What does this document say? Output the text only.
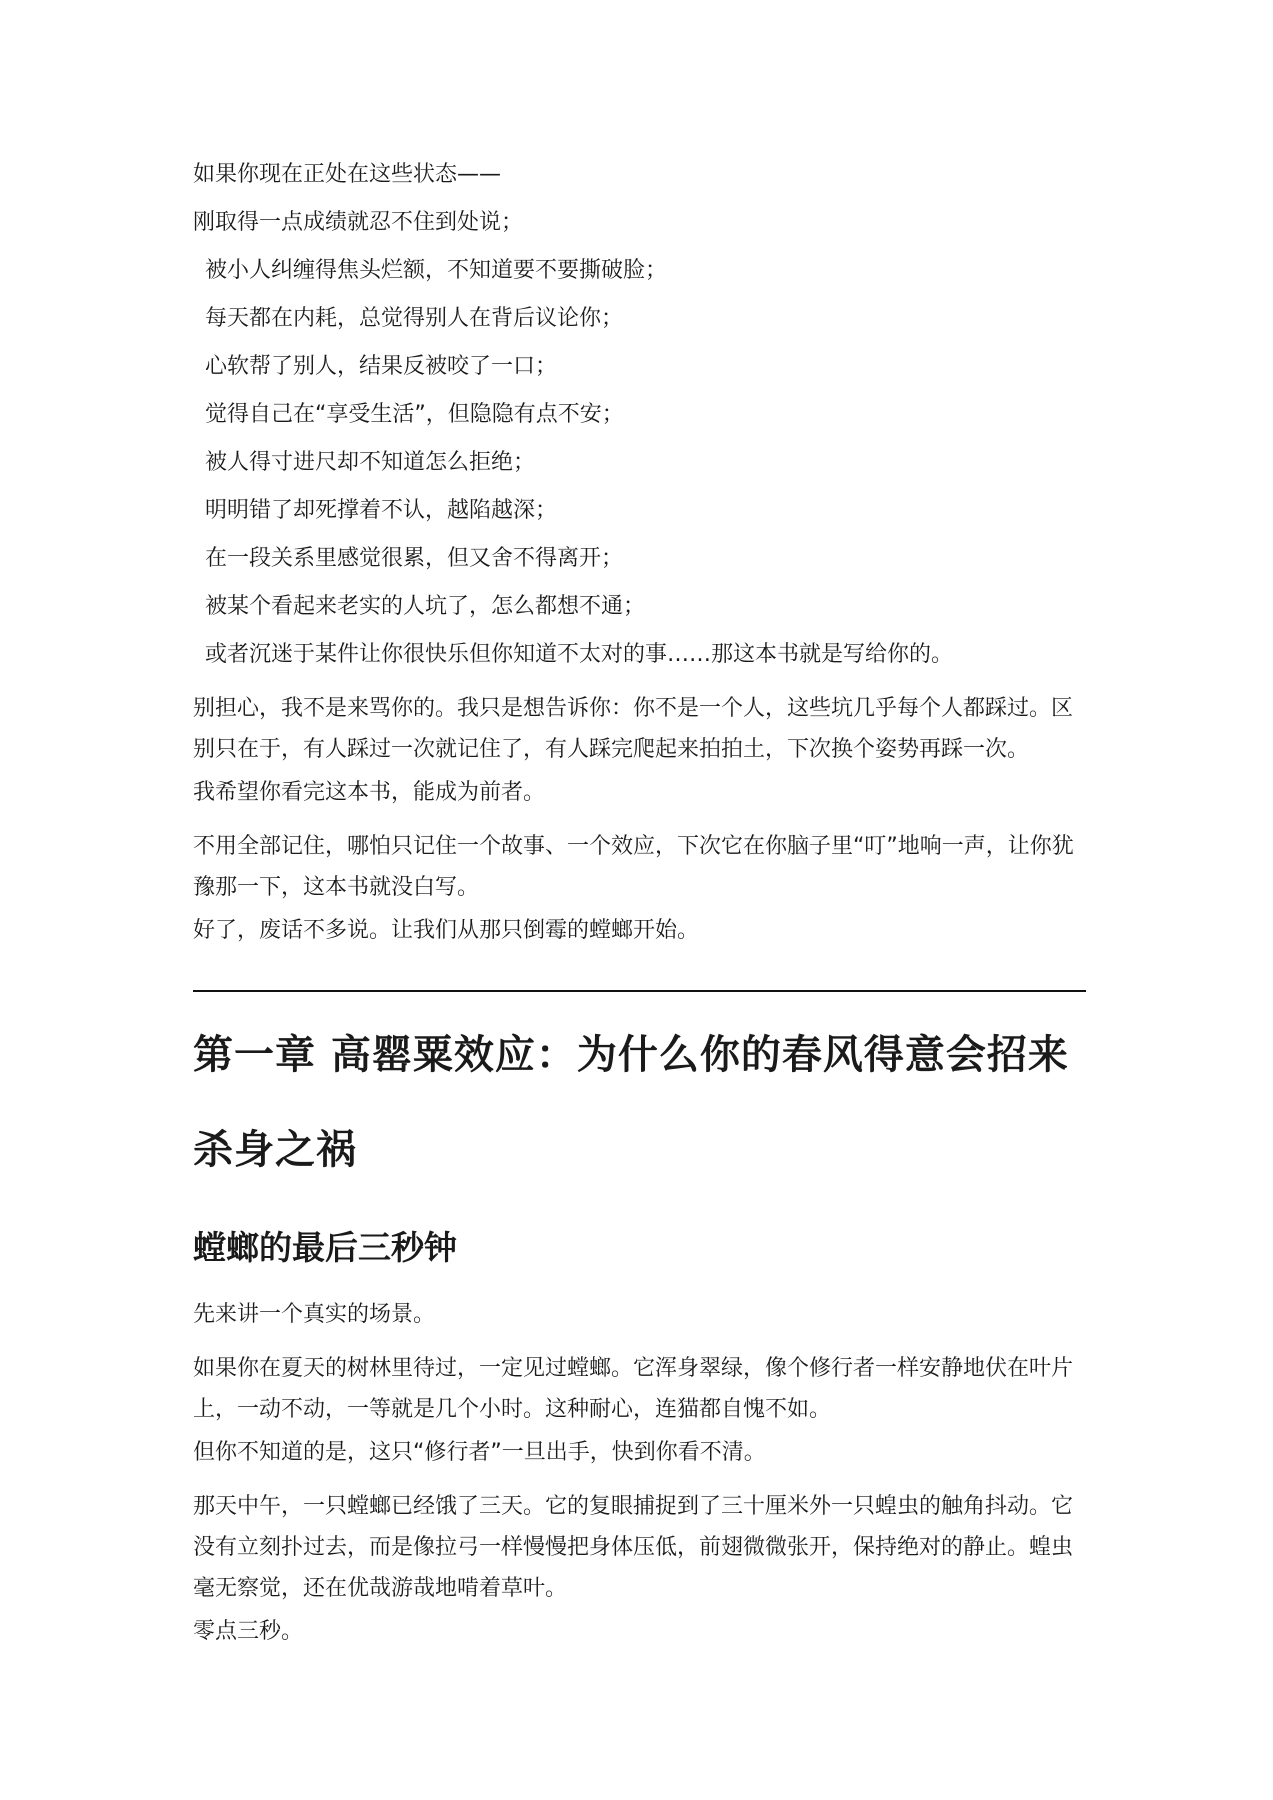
如果你现在正处在这些状态——

刚取得一点成绩就忍不住到处说；

被小人纠缠得焦头烂额，不知道要不要撕破脸；

每天都在内耗，总觉得别人在背后议论你；

心软帮了别人，结果反被咬了一口；

觉得自己在“享受生活”，但隐隐有点不安；

被人得寸进尺却不知道怎么拒绝；

明明错了却死撑着不认，越陷越深；

在一段关系里感觉很累，但又舍不得离开；

被某个看起来老实的人坑了，怎么都想不通；

或者沉迷于某件让你很快乐但你知道不太对的事……那这本书就是写给你的。

别担心，我不是来骂你的。我只是想告诉你：你不是一个人，这些坑几乎每个人都踩过。区别只在于，有人踩过一次就记住了，有人踩完爬起来拍拍土，下次换个姿势再踩一次。

我希望你看完这本书，能成为前者。

不用全部记住，哪怕只记住一个故事、一个效应，下次它在你脑子里“叮”地响一声，让你犹豫那一下，这本书就没白写。

好了，废话不多说。让我们从那只倒霉的螳螂开始。

第一章 高罂粟效应：为什么你的春风得意会招来杀身之祸
螳螂的最后三秒钟

先来讲一个真实的场景。

如果你在夏天的树林里待过，一定见过螳螂。它浑身翠绿，像个修行者一样安静地伏在叶片上，一动不动，一等就是几个小时。这种耐心，连猫都自愧不如。

但你不知道的是，这只“修行者”一旦出手，快到你看不清。

那天中午，一只螳螂已经饿了三天。它的复眼捕捉到了三十厘米外一只蝗虫的触角抖动。它没有立刻扑过去，而是像拉弓一样慢慢把身体压低，前翅微微张开，保持绝对的静止。蝗虫毫无察觉，还在优哉游哉地啃着草叶。

零点三秒。
